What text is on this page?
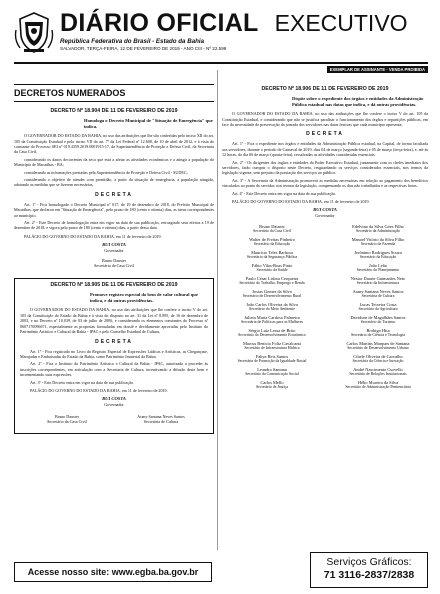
DIÁRIO OFICIAL EXECUTIVO
República Federativa do Brasil - Estado da Bahia
SALVADOR, TERÇA-FEIRA, 12 DE FEVEREIRO DE 2019 - ANO CIII - Nº 22.599
EXEMPLAR DE ASSINANTE - VENDA PROIBIDA
DECRETOS NUMERADOS
DECRETO Nº 18.904 DE 11 DE FEVEREIRO DE 2019
Homologa o Decreto Municipal de "Situação de Emergência" que indica.

O GOVERNADOR DO ESTADO DA BAHIA, no uso das atribuições que lhe são conferidas pelo inciso XII do art. 105 da Constituição Estadual e pelo inciso VII do art. 7º da Lei Federal nº 12.608, de 10 de abril de 2012, e à vista do constante do Processo SEI nº 019.4359.2019.0001915-17, da Superintendência de Proteção e Defesa Civil, da Secretaria da Casa Civil,

considerando os danos decorrentes da seca que está a afetar as atividades econômicas e a atingir a população do Município de Macaúbas - BA;

considerando as informações prestadas pela Superintendência de Proteção e Defesa Civil - SUDEC;

considerando o objetivo de atender com prontidão, a partir da situação de emergência, a população atingida, adotando as medidas que se fizerem necessárias,

DECRETA

Art. 1º - Fica homologado o Decreto Municipal nº 017, de 19 de dezembro de 2018, do Prefeito Municipal de Macaúbas, que declarou em "Situação de Emergência", pelo prazo de 180 (cento e oitenta) dias, as áreas correspondentes ao município.

Art. 2º - Este Decreto de homologação entra em vigor na data de sua publicação, retroagindo seus efeitos a 19 de dezembro de 2018, e vigora pelo prazo de 180 (cento e oitenta) dias, a partir dessa data.

PALÁCIO DO GOVERNO DO ESTADO DA BAHIA, em 11 de fevereiro de 2019.

RUI COSTA
Governador
Bruno Dauster
Secretário da Casa Civil
DECRETO Nº 18.905 DE 11 DE FEVEREIRO DE 2019
Promove registro especial do bem de valor cultural que indica, e dá outras providências.

O GOVERNADOR DO ESTADO DA BAHIA, no uso das atribuições que lhe confere o inciso V do art. 105 da Constituição do Estado da Bahia e à vista do disposto no art. 31 da Lei nº 8.895, de 16 de dezembro de 2003, e no Decreto nº 10.039, de 03 de julho de 2006, e considerando os elementos constantes do Processo nº 0607170096671, especialmente as propostas formuladas em dossiê e devidamente aprovadas pelo Instituto do Patrimônio Artístico e Cultural da Bahia - IPAC e pelo Conselho Estadual de Cultura,

DECRETA

Art. 1º - Fica registrado no Livro do Registro Especial de Expressões Lúdicas e Artísticas, as Chegançase, Marujadas e Embaixadas do Estado da Bahia, como Patrimônio Imaterial da Bahia.

Art. 2º - Fica o Instituto do Patrimônio Artístico e Cultural da Bahia - IPAC, autorizado a proceder às inscrições correspondentes, em articulação com a Secretaria de Cultura, incentivando a difusão deste bem e incrementando suas expressões.

Art. 3º - Este Decreto entra em vigor na data de sua publicação.

PALÁCIO DO GOVERNO DO ESTADO DA BAHIA, em 11 de fevereiro de 2019.

RUI COSTA
Governador
Bruno Dauster
Secretário da Casa Civil
Arany Santana Neves Santos
Secretária de Cultura
Acesse nosso site: www.egba.ba.gov.br
DECRETO Nº 18.906 DE 11 DE FEVEREIRO DE 2019
Dispõe sobre o expediente dos órgãos e entidades da Administração Pública estadual nas datas que indica, e dá outras providências.

O GOVERNADOR DO ESTADO DA BAHIA, no uso das atribuições que lhe confere o inciso V do art. 105 da Constituição Estadual, e considerando que não se justifica paralisar o funcionamento dos órgãos e repartições públicas, em face da necessidade de preservação da jornada dos servidores nas datas festivas que cada município apresenta,

DECRETA

Art. 1º - Fica o expediente nos órgãos e entidades da Administração Pública estadual, na Capital, de forma facultada aos servidores, durante o período de Carnaval de 2019, dias 04 de março (segunda-feira) e 05 de março (terça-feira), e, até às 12 horas, do dia 06 de março (quarta-feira), ressalvadas as atividades consideradas essenciais.

Art. 2º - Os dirigentes dos órgãos e entidades da Poder Executivo Estadual, juntamente com os chefes imediatos dos servidores, farão cumprir o disposto neste Decreto, resguardando os serviços considerados essenciais, nos termos da legislação vigente, sem prejuízo da prestação dos serviços ao público.

Art. 3º - A Secretaria da Administração promoverá as medidas necessárias em relação ao pagamento dos benefícios vinculados ao ponto do servidor, nos termos da legislação, compensando os dias não trabalhados e as respectivas horas.

Art. 4º - Este Decreto entra em vigor na data de sua publicação.

PALÁCIO DO GOVERNO DO ESTADO DA BAHIA, em 11 de fevereiro de 2019.

RUI COSTA
Governador
Bruno Dauster
Secretário da Casa Civil
Edelvino da Silva Góes Filho
Secretário da Administração
Walter de Freitas Pinheiro
Secretário da Educação
Manoel Vitório da Silva Filho
Secretário da Fazenda
Maurício Teles Barbosa
Secretário da Segurança Pública
Jerônimo Rodrigues Souza
Secretário da Educação
Fábio Vilas-Boas Pinto
Secretário da Saúde
João Leão
Secretário do Planejamento
Paulo César Lisboa Cerqueira
Secretário do Trabalho, Emprego e Renda
Nestor Duarte Guimarães Neto
Secretário da Infraestrutura
Josias Gomes da Silva
Secretário de Desenvolvimento Rural
Arany Santana Neves Santos
Secretária de Cultura
João Carlos Oliveira da Silva
Secretário do Meio Ambiente
Lucas Teixeira Costa
Secretário da Agricultura
Julieta Maria Cardoso Palmeira
Secretária de Políticas para as Mulheres
Davidson de Magalhães Santos
Secretário do Turismo
Sérgio Luiz Lessa de Brito
Secretário do Desenvolvimento Econômico
Rodrigo Hita
Secretário de Ciência e Tecnologia
Marcus Benício Foltz Cavalcanti
Secretário de Infraestrutura Hídrica
Carlos Martins Marques de Santana
Secretário de Desenvolvimento Urbano
Fabya Reis Santos
Secretária de Promoção da Igualdade Racial
Cibele Oliveira de Carvalho
Secretária da Ciência e Inovação
Leandro Santana
Secretário da Comunicação Social
André Nascimento Curvello
Secretário de Relações Institucionais
Carlos Mello
Secretário de Justiça
Hélio Moreira da Silva
Secretário de Administração Penitenciária
Serviços Gráficos:
71 3116-2837/2838
